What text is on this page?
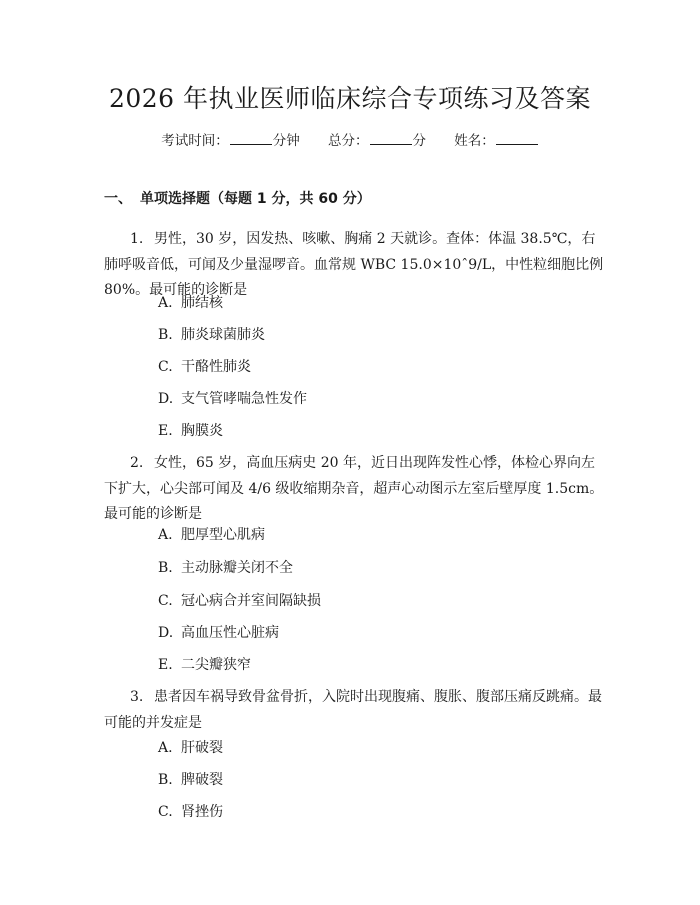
2026 年执业医师临床综合专项练习及答案
考试时间：	分钟 总分：	分 姓名：
一、 单项选择题（每题 1 分，共 60 分）
1. 男性，30 岁，因发热、咳嗽、胸痛 2 天就诊。查体：体温 38.5℃，右肺呼吸音低，可闻及少量湿啰音。血常规 WBC 15.0×10ˆ9/L，中性粒细胞比例 80%。最可能的诊断是
A. 肺结核
B. 肺炎球菌肺炎
C. 干酪性肺炎
D. 支气管哮喘急性发作
E. 胸膜炎
2. 女性，65 岁，高血压病史 20 年，近日出现阵发性心悸，体检心界向左下扩大，心尖部可闻及 4/6 级收缩期杂音，超声心动图示左室后壁厚度 1.5cm。最可能的诊断是
A. 肥厚型心肌病
B. 主动脉瓣关闭不全
C. 冠心病合并室间隔缺损
D. 高血压性心脏病
E. 二尖瓣狭窄
3. 患者因车祸导致骨盆骨折，入院时出现腹痛、腹胀、腹部压痛反跳痛。最可能的并发症是
A. 肝破裂
B. 脾破裂
C. 肾挫伤
